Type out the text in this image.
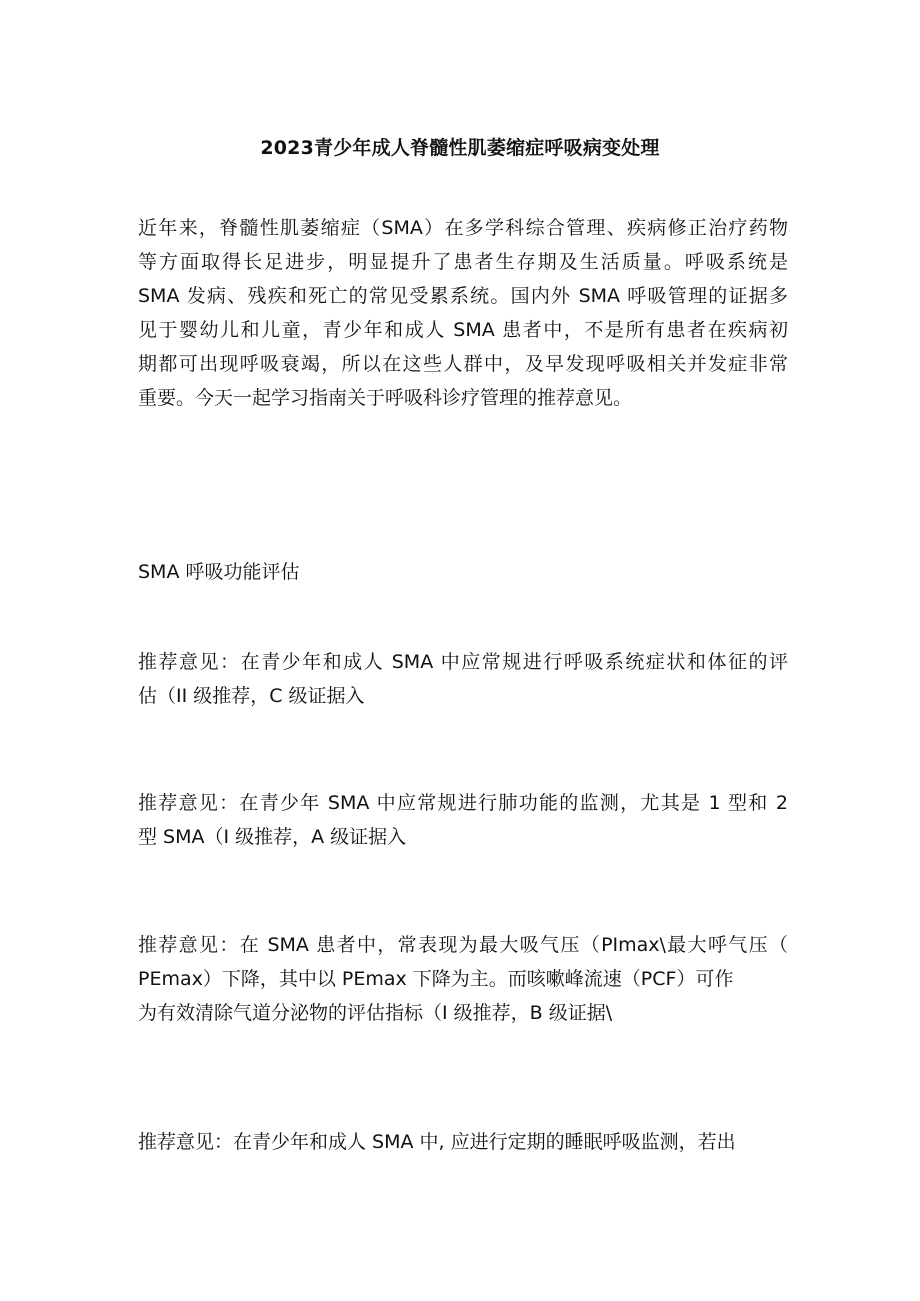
2023青少年成人脊髓性肌萎缩症呼吸病变处理
近年来，脊髓性肌萎缩症（SMA）在多学科综合管理、疾病修正治疗药物
等方面取得长足进步，明显提升了患者生存期及生活质量。呼吸系统是
SMA 发病、残疾和死亡的常见受累系统。国内外 SMA 呼吸管理的证据多
见于婴幼儿和儿童，青少年和成人 SMA 患者中，不是所有患者在疾病初
期都可出现呼吸衰竭，所以在这些人群中，及早发现呼吸相关并发症非常
重要。今天一起学习指南关于呼吸科诊疗管理的推荐意见。
SMA 呼吸功能评估
推荐意见：在青少年和成人 SMA 中应常规进行呼吸系统症状和体征的评
估（II 级推荐，C 级证据入
推荐意见：在青少年 SMA 中应常规进行肺功能的监测，尤其是 1 型和 2
型 SMA（I 级推荐，A 级证据入
推荐意见：在 SMA 患者中，常表现为最大吸气压（PImax\最大呼气压（
PEmax）下降，其中以 PEmax 下降为主。而咳嗽峰流速（PCF）可作
为有效清除气道分泌物的评估指标（I 级推荐，B 级证据\
推荐意见：在青少年和成人 SMA 中, 应进行定期的睡眠呼吸监测，若出
